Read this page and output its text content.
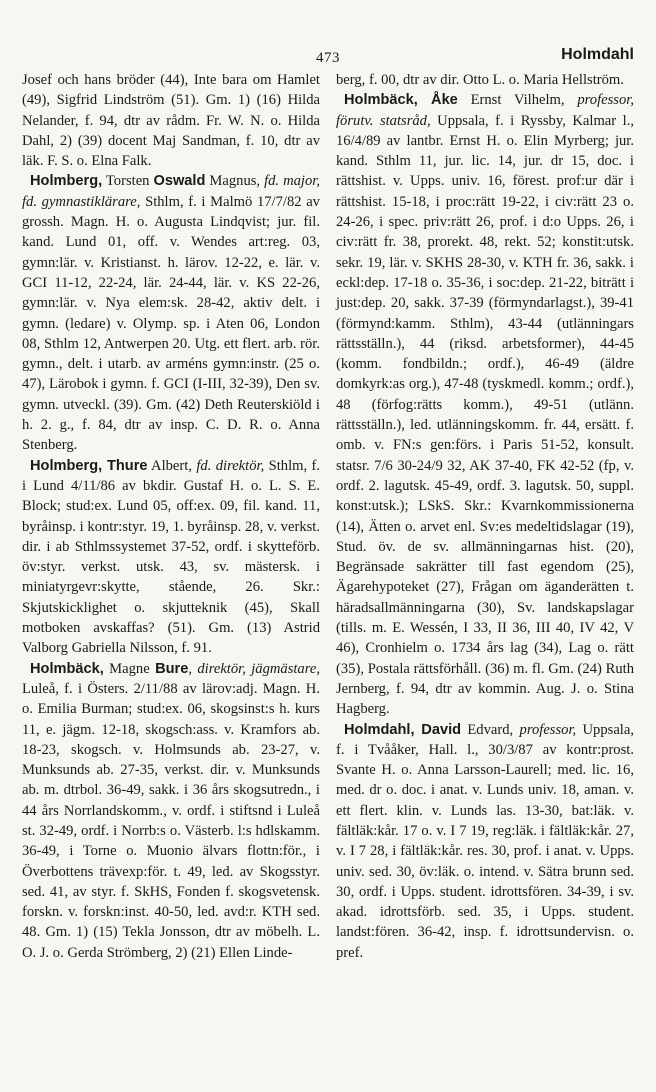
473	Holmdahl

Josef och hans bröder (44), Inte bara om Hamlet (49), Sigfrid Lindström (51). Gm. 1) (16) Hilda Nelander, f. 94, dtr av rådm. Fr. W. N. o. Hilda Dahl, 2) (39) docent Maj Sandman, f. 10, dtr av läk. F. S. o. Elna Falk.

Holmberg, Torsten Oswald Magnus, fd. major, fd. gymnastiklärare, Sthlm, f. i Malmö 17/7/82 av grossh. Magn. H. o. Augusta Lindqvist; jur. fil. kand. Lund 01, off. v. Wendes art:reg. 03, gymn:lär. v. Kristianst. h. lärov. 12-22, e. lär. v. GCI 11-12, 22-24, lär. 24-44, lär. v. KS 22-26, gymn:lär. v. Nya elem:sk. 28-42, aktiv delt. i gymn. (ledare) v. Olymp. sp. i Aten 06, London 08, Sthlm 12, Antwerpen 20. Utg. ett flert. arb. rör. gymn., delt. i utarb. av arméns gymn:instr. (25 o. 47), Lärobok i gymn. f. GCI (I-III, 32-39), Den sv. gymn. utveckl. (39). Gm. (42) Deth Reuterskiöld i h. 2. g., f. 84, dtr av insp. C. D. R. o. Anna Stenberg.

Holmberg, Thure Albert, fd. direktör, Sthlm, f. i Lund 4/11/86 av bkdir. Gustaf H. o. L. S. E. Block; stud:ex. Lund 05, off:ex. 09, fil. kand. 11, byråinsp. i kontr:styr. 19, 1. byråinsp. 28, v. verkst. dir. i ab Sthlmssystemet 37-52, ordf. i skytteförb. öv:styr. verkst. utsk. 43, sv. mästersk. i miniatyrgevr:skytte, stående, 26. Skr.: Skjutskicklighet o. skjutteknik (45), Skall motboken avskaffas? (51). Gm. (13) Astrid Valborg Gabriella Nilsson, f. 91.

Holmbäck, Magne Bure, direktör, jägmästare, Luleå, f. i Östers. 2/11/88 av lärov:adj. Magn. H. o. Emilia Burman; stud:ex. 06, skogsinst:s h. kurs 11, e. jägm. 12-18, skogsch:ass. v. Kramfors ab. 18-23, skogsch. v. Holmsunds ab. 23-27, v. Munksunds ab. 27-35, verkst. dir. v. Munksunds ab. m. dtrbol. 36-49, sakk. i 36 års skogsutredn., i 44 års Norrlandskomm., v. ordf. i stiftsnd i Luleå st. 32-49, ordf. i Norrb:s o. Västerb. l:s hdlskamm. 36-49, i Torne o. Muonio älvars flottn:för., i Överbottens trävexp:för. t. 49, led. av Skogsstyr. sed. 41, av styr. f. SkHS, Fonden f. skogsvetensk. forskn. v. forskn:inst. 40-50, led. avd:r. KTH sed. 48. Gm. 1) (15) Tekla Jonsson, dtr av möbelh. L. O. J. o. Gerda Strömberg, 2) (21) Ellen Linde-

berg, f. 00, dtr av dir. Otto L. o. Maria Hellström.

Holmbäck, Åke Ernst Vilhelm, professor, förutv. statsråd, Uppsala, f. i Ryssby, Kalmar l., 16/4/89 av lantbr. Ernst H. o. Elin Myrberg; jur. kand. Sthlm 11, jur. lic. 14, jur. dr 15, doc. i rättshist. v. Upps. univ. 16, förest. prof:ur där i rättshist. 15-18, i proc:rätt 19-22, i civ:rätt 23 o. 24-26, i spec. priv:rätt 26, prof. i d:o Upps. 26, i civ:rätt fr. 38, prorekt. 48, rekt. 52; konstit:utsk. sekr. 19, lär. v. SKHS 28-30, v. KTH fr. 36, sakk. i eckl:dep. 17-18 o. 35-36, i soc:dep. 21-22, biträtt i just:dep. 20, sakk. 37-39 (förmyndarlagst.), 39-41 (förmynd:kamm. Sthlm), 43-44 (utlänningars rättsställn.), 44 (riksd. arbetsformer), 44-45 (komm. fondbildn.; ordf.), 46-49 (äldre domkyrk:as org.), 47-48 (tyskmedl. komm.; ordf.), 48 (förfog:rätts komm.), 49-51 (utlänn. rättsställn.), led. utlänningskomm. fr. 44, ersätt. f. omb. v. FN:s gen:förs. i Paris 51-52, konsult. statsr. 7/6 30-24/9 32, AK 37-40, FK 42-52 (fp, v. ordf. 2. lagutsk. 45-49, ordf. 3. lagutsk. 50, suppl. konst:utsk.); LSkS. Skr.: Kvarnkommissionerna (14), Ätten o. arvet enl. Sv:es medeltidslagar (19), Stud. öv. de sv. allmänningarnas hist. (20), Begränsade sakrätter till fast egendom (25), Ägarehypoteket (27), Frågan om äganderätten t. häradsallmänningarna (30), Sv. landskapslagar (tills. m. E. Wessén, I 33, II 36, III 40, IV 42, V 46), Cronhielm o. 1734 års lag (34), Lag o. rätt (35), Postala rättsförhåll. (36) m. fl. Gm. (24) Ruth Jernberg, f. 94, dtr av kommin. Aug. J. o. Stina Hagberg.

Holmdahl, David Edvard, professor, Uppsala, f. i Tvååker, Hall. l., 30/3/87 av kontr:prost. Svante H. o. Anna Larsson-Laurell; med. lic. 16, med. dr o. doc. i anat. v. Lunds univ. 18, aman. v. ett flert. klin. v. Lunds las. 13-30, bat:läk. v. fältläk:kår. 17 o. v. I 7 19, reg:läk. i fältläk:kår. 27, v. I 7 28, i fältläk:kår. res. 30, prof. i anat. v. Upps. univ. sed. 30, öv:läk. o. intend. v. Sätra brunn sed. 30, ordf. i Upps. student. idrottsfören. 34-39, i sv. akad. idrottsförb. sed. 35, i Upps. student. landst:fören. 36-42, insp. f. idrottsundervisn. o. pref.
